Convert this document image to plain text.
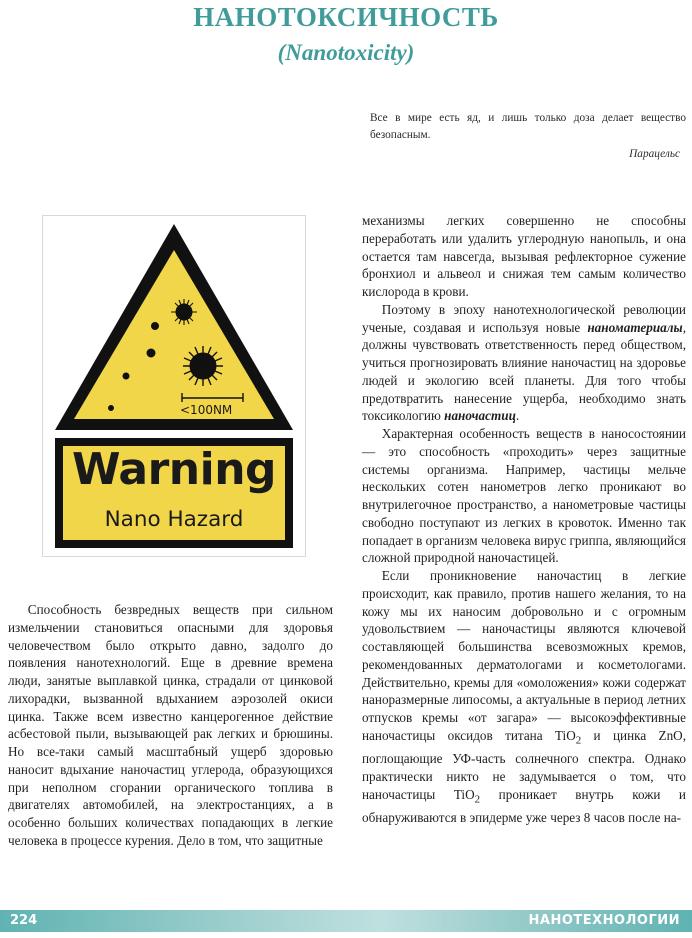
НАНОТОКСИЧНОСТЬ
(Nanotoxicity)
Все в мире есть яд, и лишь только доза делает вещество безопасным.
Парацельс
<100NM
Warning
Nano Hazard

Способность безвредных веществ при сильном измельчении становиться опасными для здоровья человечеством было открыто давно, задолго до появления нанотехнологий. Еще в древние времена люди, занятые выплавкой цинка, страдали от цинковой лихорадки, вызванной вдыханием аэрозолей окиси цинка. Также всем известно канцерогенное действие асбестовой пыли, вызывающей рак легких и брюшины. Но все-таки самый масштабный ущерб здоровью наносит вдыхание наночастиц углерода, образующихся при неполном сгорании органического топлива в двигателях автомобилей, на электростанциях, а в особенно больших количествах попадающих в легкие человека в процессе курения. Дело в том, что защитные

механизмы легких совершенно не способны переработать или удалить углеродную нанопыль, и она остается там навсегда, вызывая рефлекторное сужение бронхиол и альвеол и снижая тем самым количество кислорода в крови.

Поэтому в эпоху нанотехнологической революции ученые, создавая и используя новые наноматериалы, должны чувствовать ответственность перед обществом, учиться прогнозировать влияние наночастиц на здоровье людей и экологию всей планеты. Для того чтобы предотвратить нанесение ущерба, необходимо знать токсикологию наночастиц.

Характерная особенность веществ в наносостоянии — это способность «проходить» через защитные системы организма. Например, частицы мельче нескольких сотен нанометров легко проникают во внутрилегочное пространство, а нанометровые частицы свободно поступают из легких в кровоток. Именно так попадает в организм человека вирус гриппа, являющийся сложной природной наночастицей.

Если проникновение наночастиц в легкие происходит, как правило, против нашего желания, то на кожу мы их наносим добровольно и с огромным удовольствием — наночастицы являются ключевой составляющей большинства всевозможных кремов, рекомендованных дерматологами и косметологами. Действительно, кремы для «омоложения» кожи содержат наноразмерные липосомы, а актуальные в период летних отпусков кремы «от загара» — высокоэффективные наночастицы оксидов титана TiO$_2$ и цинка ZnO, поглощающие УФ-часть солнечного спектра. Однако практически никто не задумывается о том, что наночастицы TiO$_2$ проникает внутрь кожи и обнаруживаются в эпидерме уже через 8 часов после на-

224	НАНОТЕХНОЛОГИИ
